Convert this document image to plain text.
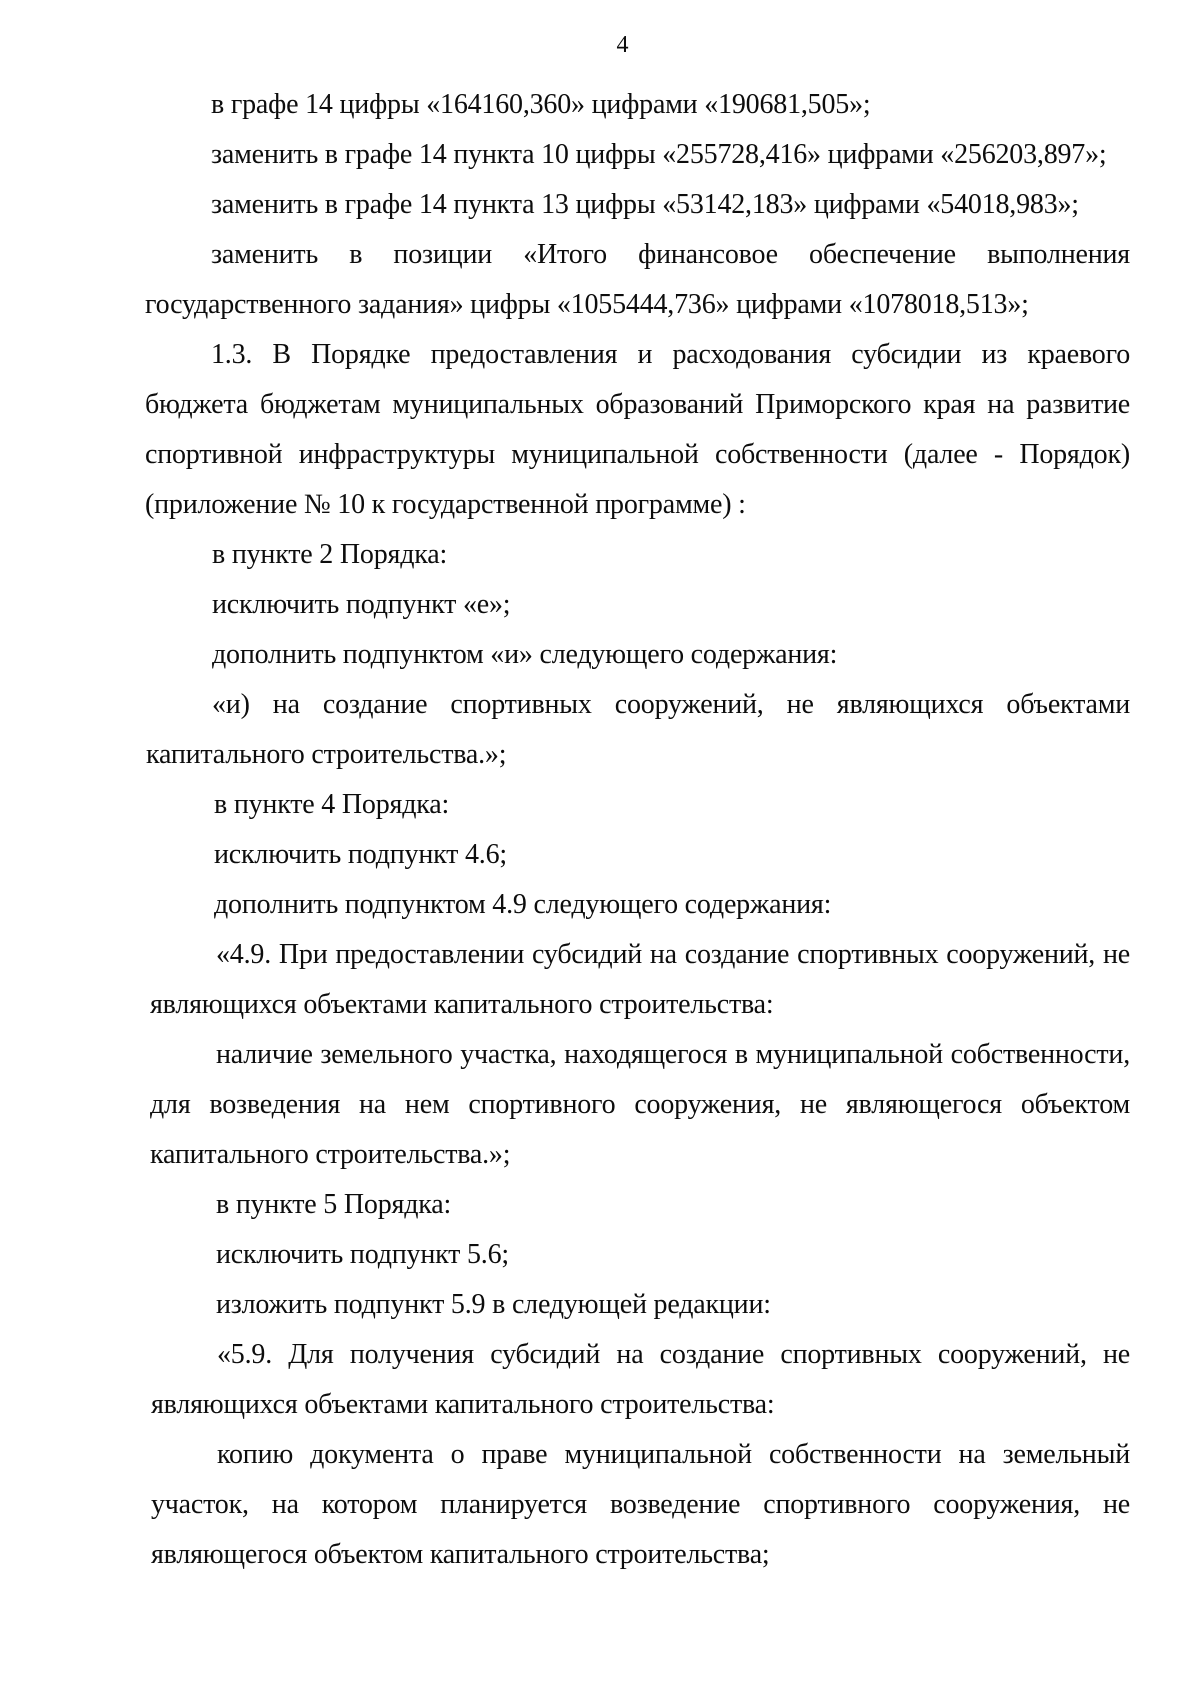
4

в графе 14 цифры «164160,360» цифрами «190681,505»;

заменить в графе 14 пункта 10 цифры «255728,416» цифрами «256203,897»;

заменить в графе 14 пункта 13 цифры «53142,183» цифрами «54018,983»;

заменить в позиции «Итого финансовое обеспечение выполнения государственного задания» цифры «1055444,736» цифрами «1078018,513»;

1.3. В Порядке предоставления и расходования субсидии из краевого бюджета бюджетам муниципальных образований Приморского края на развитие спортивной инфраструктуры муниципальной собственности (далее - Порядок) (приложение № 10 к государственной программе) :

в пункте 2 Порядка:

исключить подпункт «е»;

дополнить подпунктом «и» следующего содержания:

«и) на создание спортивных сооружений, не являющихся объектами капитального строительства.»;

в пункте 4 Порядка:

исключить подпункт 4.6;

дополнить подпунктом 4.9 следующего содержания:

«4.9. При предоставлении субсидий на создание спортивных сооружений, не являющихся объектами капитального строительства:

наличие земельного участка, находящегося в муниципальной собственности, для возведения на нем спортивного сооружения, не являющегося объектом капитального строительства.»;

в пункте 5 Порядка:

исключить подпункт 5.6;

изложить подпункт 5.9 в следующей редакции:

«5.9. Для получения субсидий на создание спортивных сооружений, не являющихся объектами капитального строительства:

копию документа о праве муниципальной собственности на земельный участок, на котором планируется возведение спортивного сооружения, не являющегося объектом капитального строительства;
